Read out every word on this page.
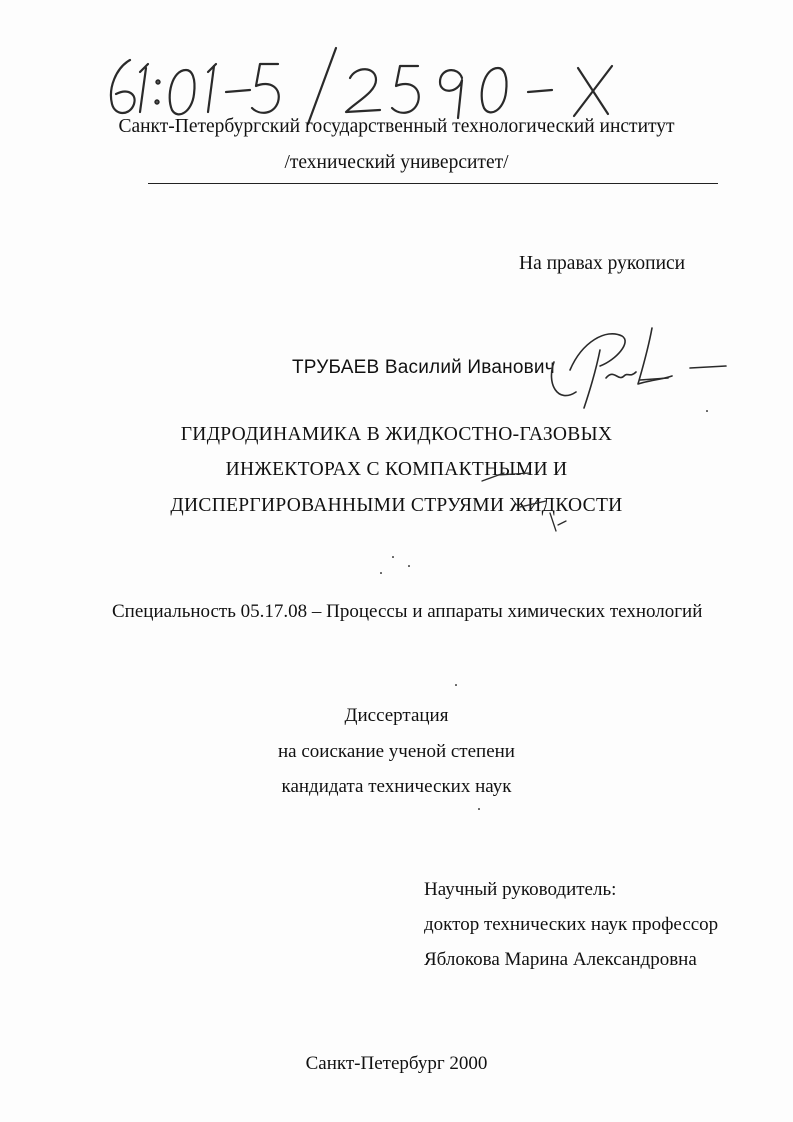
Санкт-Петербургский государственный технологический институт
/технический университет/
На правах рукописи
ТРУБАЕВ Василий Иванович
ГИДРОДИНАМИКА В ЖИДКОСТНО-ГАЗОВЫХ
ИНЖЕКТОРАХ С КОМПАКТНЫМИ И
ДИСПЕРГИРОВАННЫМИ СТРУЯМИ ЖИДКОСТИ
Специальность 05.17.08 – Процессы и аппараты химических технологий
Диссертация
на соискание ученой степени
кандидата технических наук
Научный руководитель:
доктор технических наук профессор
Яблокова Марина Александровна
Санкт-Петербург 2000
